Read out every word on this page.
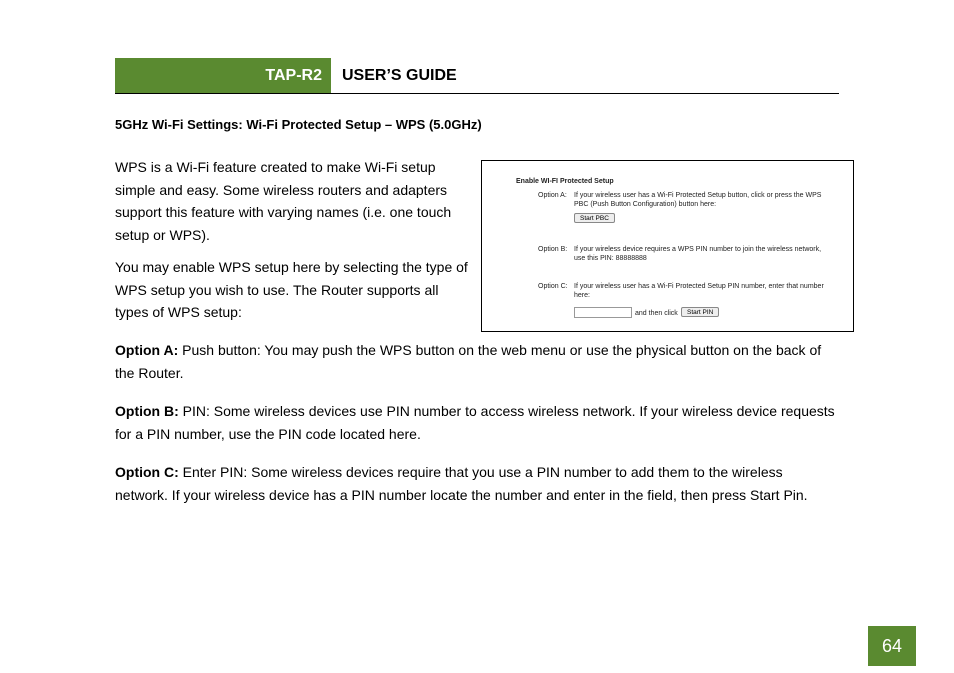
TAP-R2 USER’S GUIDE
5GHz Wi-Fi Settings: Wi-Fi Protected Setup – WPS (5.0GHz)

WPS is a Wi-Fi feature created to make Wi-Fi setup simple and easy. Some wireless routers and adapters support this feature with varying names (i.e. one touch setup or WPS).

You may enable WPS setup here by selecting the type of WPS setup you wish to use. The Router supports all types of WPS setup:

Enable WI-FI Protected Setup
Option A: If your wireless user has a Wi-Fi Protected Setup button, click or press the WPS PBC (Push Button Configuration) button here:
Start PBC
Option B: If your wireless device requires a WPS PIN number to join the wireless network, use this PIN: 88888888
Option C: If your wireless user has a Wi-Fi Protected Setup PIN number, enter that number here:
and then click	Start PIN

Option A: Push button: You may push the WPS button on the web menu or use the physical button on the back of the Router.

Option B: PIN: Some wireless devices use PIN number to access wireless network. If your wireless device requests for a PIN number, use the PIN code located here.

Option C: Enter PIN: Some wireless devices require that you use a PIN number to add them to the wireless network. If your wireless device has a PIN number locate the number and enter in the field, then press Start Pin.

64
